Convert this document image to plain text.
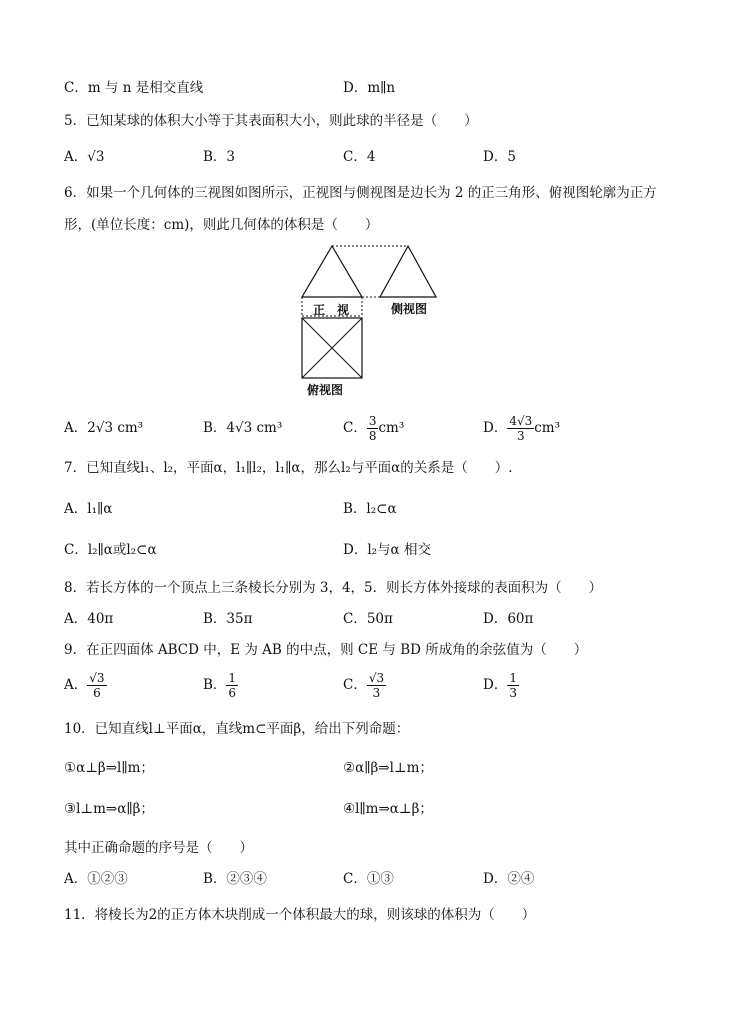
C．m 与 n 是相交直线	D．m∥n
5．已知某球的体积大小等于其表面积大小，则此球的半径是（　　）
A．√3	B．3	C．4	D．5
6．如果一个几何体的三视图如图所示，正视图与侧视图是边长为 2 的正三角形、俯视图轮廓为正方
形，(单位长度：cm)，则此几何体的体积是（　　）
正　视	侧视图
俯视图
A．2√3 cm³	B．4√3 cm³	C． $\frac{3}{8} cm^3$	D． $\frac{4√3}{3} cm^3$
7．已知直线l₁、l₂，平面α，l₁∥l₂，l₁∥α，那么l₂与平面α的关系是（　　）.
A．l₁∥α	B．l₂⊂α
C．l₂∥α或l₂⊂α	D．l₂与α 相交
8．若长方体的一个顶点上三条棱长分别为 3，4，5．则长方体外接球的表面积为（　　）
A．40π	B．35π	C．50π	D．60π
9．在正四面体 ABCD 中，E 为 AB 的中点，则 CE 与 BD 所成角的余弦值为（　　）
A． $\frac{√3}{6}$	B． $\frac{1}{6}$	C． $\frac{√3}{3}$	D． $\frac{1}{3}$
10．已知直线l⊥平面α，直线m⊂平面β，给出下列命题：
①α⊥β⇒l∥m；	②α∥β⇒l⊥m；
③l⊥m⇒α∥β；	④l∥m⇒α⊥β；
其中正确命题的序号是（　　）
A．①②③	B．②③④	C．①③	D．②④
11．将棱长为2的正方体木块削成一个体积最大的球，则该球的体积为（　　）
